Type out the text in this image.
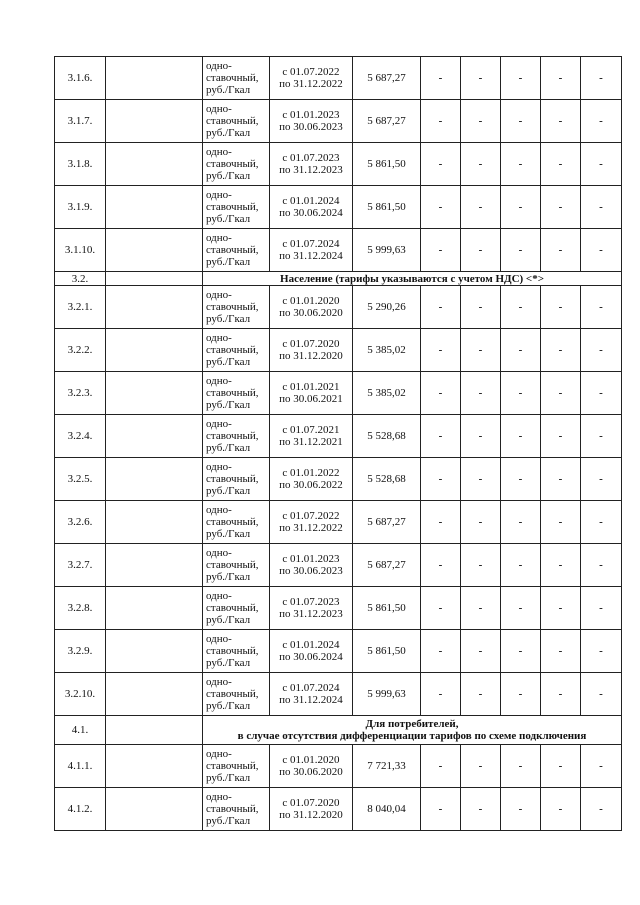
3.1.6.		одно-
ставочный,
руб./Гкал	с 01.07.2022
по 31.12.2022	5 687,27	-	-	-	-	-
3.1.7.		одно-
ставочный,
руб./Гкал	с 01.01.2023
по 30.06.2023	5 687,27	-	-	-	-	-
3.1.8.		одно-
ставочный,
руб./Гкал	с 01.07.2023
по 31.12.2023	5 861,50	-	-	-	-	-
3.1.9.		одно-
ставочный,
руб./Гкал	с 01.01.2024
по 30.06.2024	5 861,50	-	-	-	-	-
3.1.10.		одно-
ставочный,
руб./Гкал	с 01.07.2024
по 31.12.2024	5 999,63	-	-	-	-	-
3.2.		Население (тарифы указываются с учетом НДС) <*>							
3.2.1.		одно-
ставочный,
руб./Гкал	с 01.01.2020
по 30.06.2020	5 290,26	-	-	-	-	-
3.2.2.		одно-
ставочный,
руб./Гкал	с 01.07.2020
по 31.12.2020	5 385,02	-	-	-	-	-
3.2.3.		одно-
ставочный,
руб./Гкал	с 01.01.2021
по 30.06.2021	5 385,02	-	-	-	-	-
3.2.4.		одно-
ставочный,
руб./Гкал	с 01.07.2021
по 31.12.2021	5 528,68	-	-	-	-	-
3.2.5.		одно-
ставочный,
руб./Гкал	с 01.01.2022
по 30.06.2022	5 528,68	-	-	-	-	-
3.2.6.		одно-
ставочный,
руб./Гкал	с 01.07.2022
по 31.12.2022	5 687,27	-	-	-	-	-
3.2.7.		одно-
ставочный,
руб./Гкал	с 01.01.2023
по 30.06.2023	5 687,27	-	-	-	-	-
3.2.8.		одно-
ставочный,
руб./Гкал	с 01.07.2023
по 31.12.2023	5 861,50	-	-	-	-	-
3.2.9.		одно-
ставочный,
руб./Гкал	с 01.01.2024
по 30.06.2024	5 861,50	-	-	-	-	-
3.2.10.		одно-
ставочный,
руб./Гкал	с 01.07.2024
по 31.12.2024	5 999,63	-	-	-	-	-
4.1.		Для потребителей,
в случае отсутствия дифференциации тарифов по схеме подключения							
4.1.1.		одно-
ставочный,
руб./Гкал	с 01.01.2020
по 30.06.2020	7 721,33	-	-	-	-	-
4.1.2.		одно-
ставочный,
руб./Гкал	с 01.07.2020
по 31.12.2020	8 040,04	-	-	-	-	-
